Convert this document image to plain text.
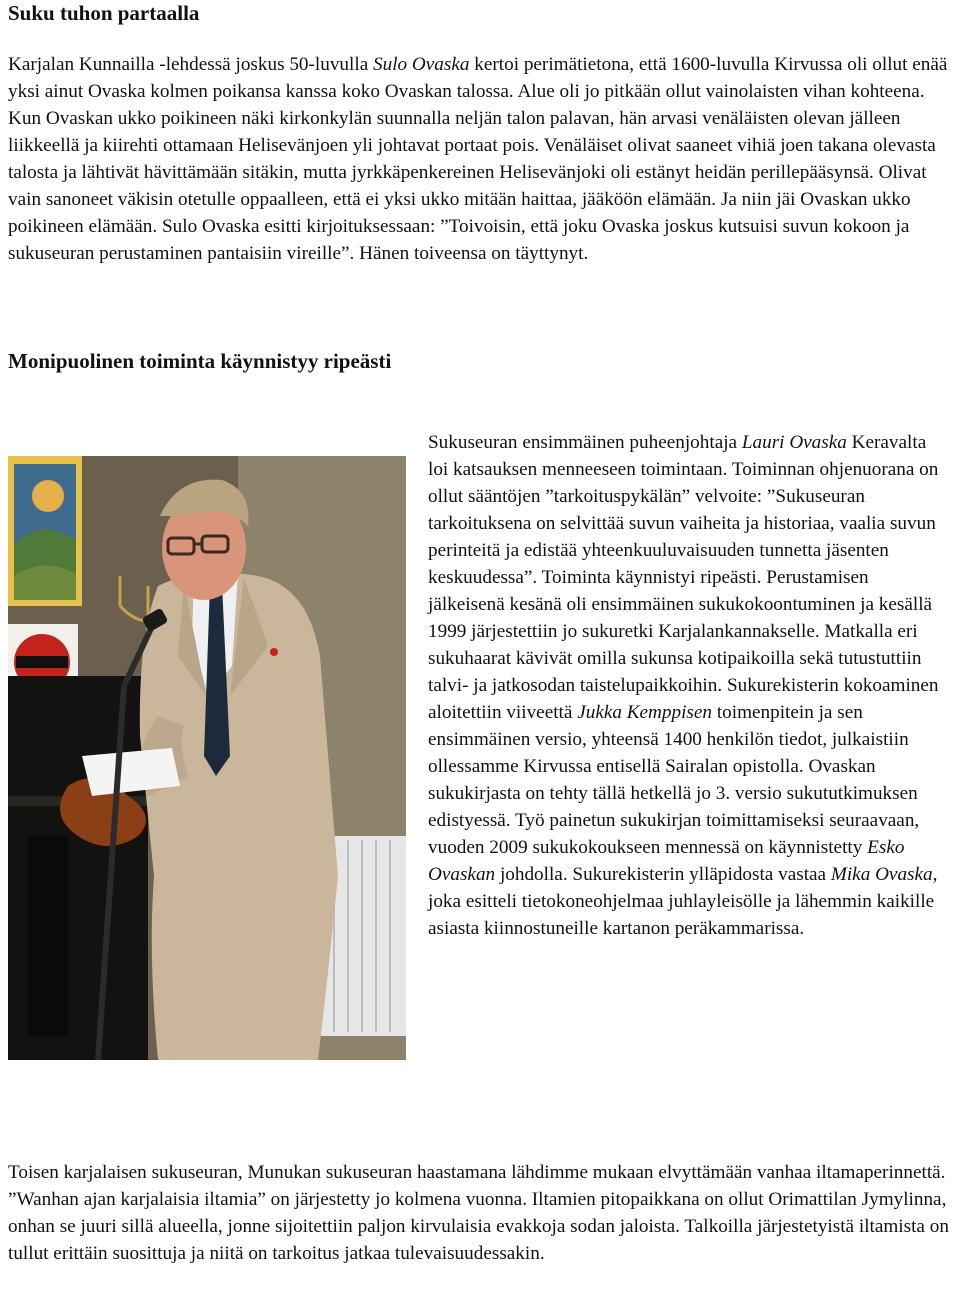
Suku tuhon partaalla

Karjalan Kunnailla -lehdessä joskus 50-luvulla Sulo Ovaska kertoi perimätietona, että 1600-luvulla Kirvussa oli ollut enää yksi ainut Ovaska kolmen poikansa kanssa koko Ovaskan talossa. Alue oli jo pitkään ollut vainolaisten vihan kohteena. Kun Ovaskan ukko poikineen näki kirkonkylän suunnalla neljän talon palavan, hän arvasi venäläisten olevan jälleen liikkeellä ja kiirehti ottamaan Helisevänjoen yli johtavat portaat pois. Venäläiset olivat saaneet vihiä joen takana olevasta talosta ja lähtivät hävittämään sitäkin, mutta jyrkkäpenkereinen Helisevänjoki oli estänyt heidän perillepääsynsä. Olivat vain sanoneet väkisin otetulle oppaalleen, että ei yksi ukko mitään haittaa, jääköön elämään. Ja niin jäi Ovaskan ukko poikineen elämään. Sulo Ovaska esitti kirjoituksessaan: ”Toivoisin, että joku Ovaska joskus kutsuisi suvun kokoon ja sukuseuran perustaminen pantaisiin vireille”. Hänen toiveensa on täyttynyt.

Monipuolinen toiminta käynnistyy ripeästi

Sukuseuran ensimmäinen puheenjohtaja Lauri Ovaska Keravalta loi katsauksen menneeseen toimintaan. Toiminnan ohjenuorana on ollut sääntöjen ”tarkoituspykälän” velvoite: ”Sukuseuran tarkoituksena on selvittää suvun vaiheita ja historiaa, vaalia suvun perinteitä ja edistää yhteenkuuluvaisuuden tunnetta jäsenten keskuudessa”. Toiminta käynnistyi ripeästi. Perustamisen jälkeisenä kesänä oli ensimmäinen sukukokoontuminen ja kesällä 1999 järjestettiin jo sukuretki Karjalankannakselle. Matkalla eri sukuhaarat kävivät omilla sukunsa kotipaikoilla sekä tutustuttiin talvi- ja jatkosodan taistelupaikkoihin. Sukurekisterin kokoaminen aloitettiin viiveettä Jukka Kemppisen toimenpitein ja sen ensimmäinen versio, yhteensä 1400 henkilön tiedot, julkaistiin ollessamme Kirvussa entisellä Sairalan opistolla. Ovaskan sukukirjasta on tehty tällä hetkellä jo 3. versio sukututkimuksen edistyessä. Työ painetun sukukirjan toimittamiseksi seuraavaan, vuoden 2009 sukukokoukseen mennessä on käynnistetty Esko Ovaskan johdolla. Sukurekisterin ylläpidosta vastaa Mika Ovaska, joka esitteli tietokoneohjelmaa juhlayleisölle ja lähemmin kaikille asiasta kiinnostuneille kartanon peräkammarissa.

Toisen karjalaisen sukuseuran, Munukan sukuseuran haastamana lähdimme mukaan elvyttämään vanhaa iltamaperinnettä. ”Wanhan ajan karjalaisia iltamia” on järjestetty jo kolmena vuonna. Iltamien pitopaikkana on ollut Orimattilan Jymylinna, onhan se juuri sillä alueella, jonne sijoitettiin paljon kirvulaisia evakkoja sodan jaloista. Talkoilla järjestetyistä iltamista on tullut erittäin suosittuja ja niitä on tarkoitus jatkaa tulevaisuudessakin.
